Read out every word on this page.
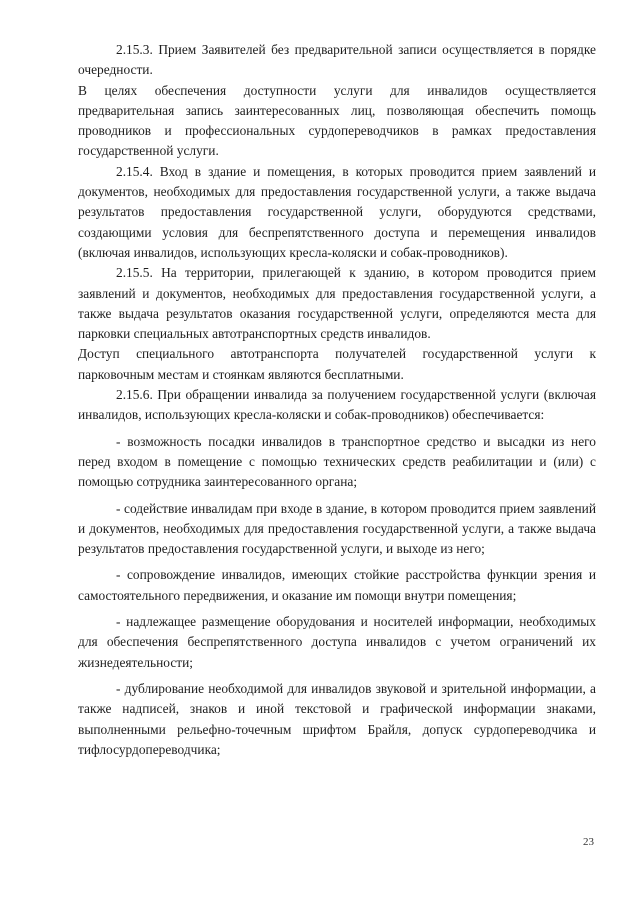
2.15.3. Прием Заявителей без предварительной записи осуществляется в порядке очередности.

В целях обеспечения доступности услуги для инвалидов осуществляется предварительная запись заинтересованных лиц, позволяющая обеспечить помощь проводников и профессиональных сурдопереводчиков в рамках предоставления государственной услуги.

2.15.4. Вход в здание и помещения, в которых проводится прием заявлений и документов, необходимых для предоставления государственной услуги, а также выдача результатов предоставления государственной услуги, оборудуются средствами, создающими условия для беспрепятственного доступа и перемещения инвалидов (включая инвалидов, использующих кресла-коляски и собак-проводников).

2.15.5. На территории, прилегающей к зданию, в котором проводится прием заявлений и документов, необходимых для предоставления государственной услуги, а также выдача результатов оказания государственной услуги, определяются места для парковки специальных автотранспортных средств инвалидов.

Доступ специального автотранспорта получателей государственной услуги к парковочным местам и стоянкам являются бесплатными.

2.15.6. При обращении инвалида за получением государственной услуги (включая инвалидов, использующих кресла-коляски и собак-проводников) обеспечивается:

- возможность посадки инвалидов в транспортное средство и высадки из него перед входом в помещение с помощью технических средств реабилитации и (или) с помощью сотрудника заинтересованного органа;

- содействие инвалидам при входе в здание, в котором проводится прием заявлений и документов, необходимых для предоставления государственной услуги, а также выдача результатов предоставления государственной услуги, и выходе из него;

- сопровождение инвалидов, имеющих стойкие расстройства функции зрения и самостоятельного передвижения, и оказание им помощи внутри помещения;

- надлежащее размещение оборудования и носителей информации, необходимых для обеспечения беспрепятственного доступа инвалидов с учетом ограничений их жизнедеятельности;

- дублирование необходимой для инвалидов звуковой и зрительной информации, а также надписей, знаков и иной текстовой и графической информации знаками, выполненными рельефно-точечным шрифтом Брайля, допуск сурдопереводчика и тифлосурдопереводчика;

23
